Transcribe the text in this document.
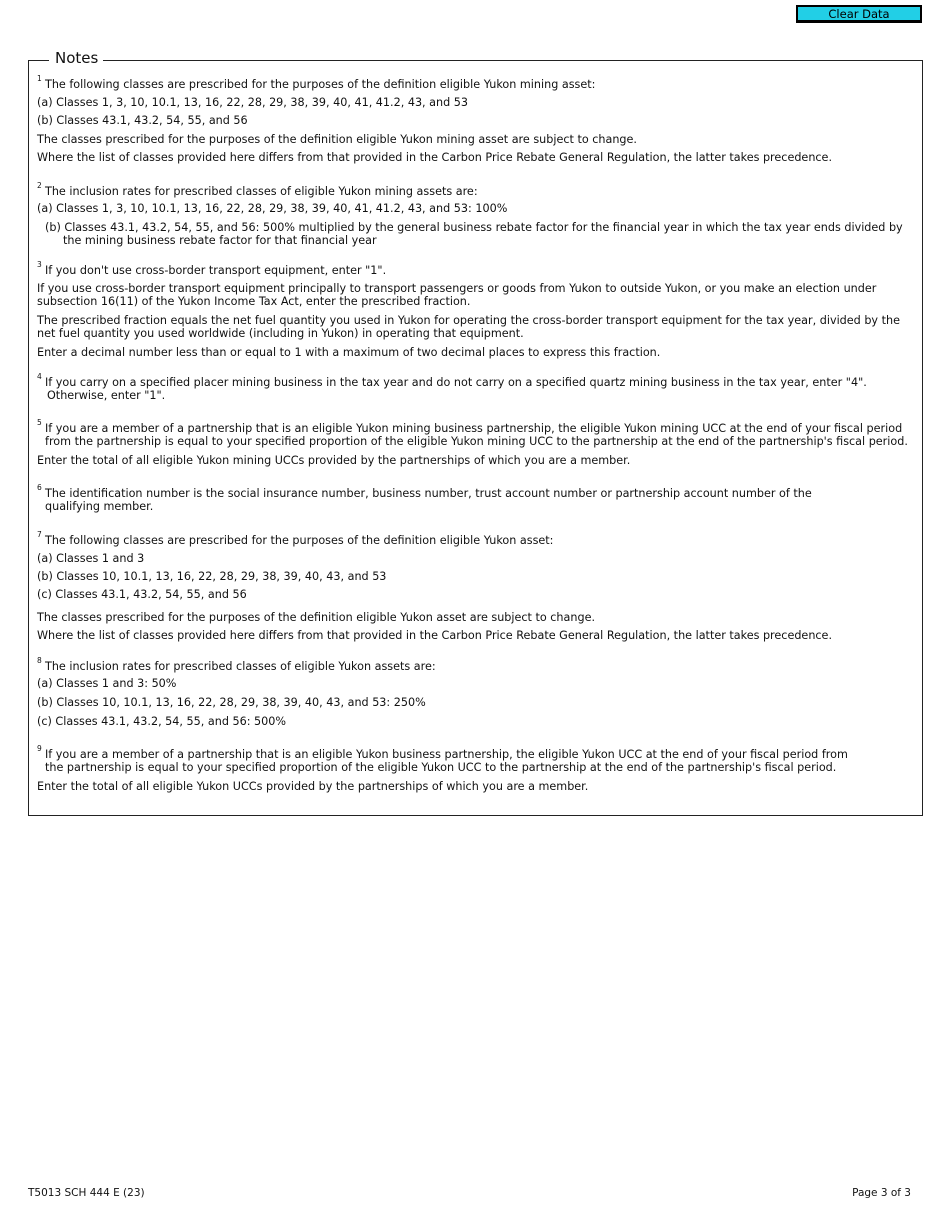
Clear Data
Notes
1 The following classes are prescribed for the purposes of the definition eligible Yukon mining asset:

(a) Classes 1, 3, 10, 10.1, 13, 16, 22, 28, 29, 38, 39, 40, 41, 41.2, 43, and 53

(b) Classes 43.1, 43.2, 54, 55, and 56

The classes prescribed for the purposes of the definition eligible Yukon mining asset are subject to change.

Where the list of classes provided here differs from that provided in the Carbon Price Rebate General Regulation, the latter takes precedence.

2 The inclusion rates for prescribed classes of eligible Yukon mining assets are:

(a) Classes 1, 3, 10, 10.1, 13, 16, 22, 28, 29, 38, 39, 40, 41, 41.2, 43, and 53: 100%

(b) Classes 43.1, 43.2, 54, 55, and 56: 500% multiplied by the general business rebate factor for the financial year in which the tax year ends divided by the mining business rebate factor for that financial year

3 If you don't use cross-border transport equipment, enter "1".

If you use cross-border transport equipment principally to transport passengers or goods from Yukon to outside Yukon, or you make an election under subsection 16(11) of the Yukon Income Tax Act, enter the prescribed fraction.

The prescribed fraction equals the net fuel quantity you used in Yukon for operating the cross-border transport equipment for the tax year, divided by the net fuel quantity you used worldwide (including in Yukon) in operating that equipment.

Enter a decimal number less than or equal to 1 with a maximum of two decimal places to express this fraction.

4 If you carry on a specified placer mining business in the tax year and do not carry on a specified quartz mining business in the tax year, enter "4".

Otherwise, enter "1".

5 If you are a member of a partnership that is an eligible Yukon mining business partnership, the eligible Yukon mining UCC at the end of your fiscal period from the partnership is equal to your specified proportion of the eligible Yukon mining UCC to the partnership at the end of the partnership's fiscal period.

Enter the total of all eligible Yukon mining UCCs provided by the partnerships of which you are a member.

6 The identification number is the social insurance number, business number, trust account number or partnership account number of the qualifying member.

7 The following classes are prescribed for the purposes of the definition eligible Yukon asset:

(a) Classes 1 and 3

(b) Classes 10, 10.1, 13, 16, 22, 28, 29, 38, 39, 40, 43, and 53

(c) Classes 43.1, 43.2, 54, 55, and 56

The classes prescribed for the purposes of the definition eligible Yukon asset are subject to change.

Where the list of classes provided here differs from that provided in the Carbon Price Rebate General Regulation, the latter takes precedence.

8 The inclusion rates for prescribed classes of eligible Yukon assets are:

(a) Classes 1 and 3: 50%

(b) Classes 10, 10.1, 13, 16, 22, 28, 29, 38, 39, 40, 43, and 53: 250%

(c) Classes 43.1, 43.2, 54, 55, and 56: 500%

9 If you are a member of a partnership that is an eligible Yukon business partnership, the eligible Yukon UCC at the end of your fiscal period from the partnership is equal to your specified proportion of the eligible Yukon UCC to the partnership at the end of the partnership's fiscal period.

Enter the total of all eligible Yukon UCCs provided by the partnerships of which you are a member.

T5013 SCH 444 E (23)	Page 3 of 3
